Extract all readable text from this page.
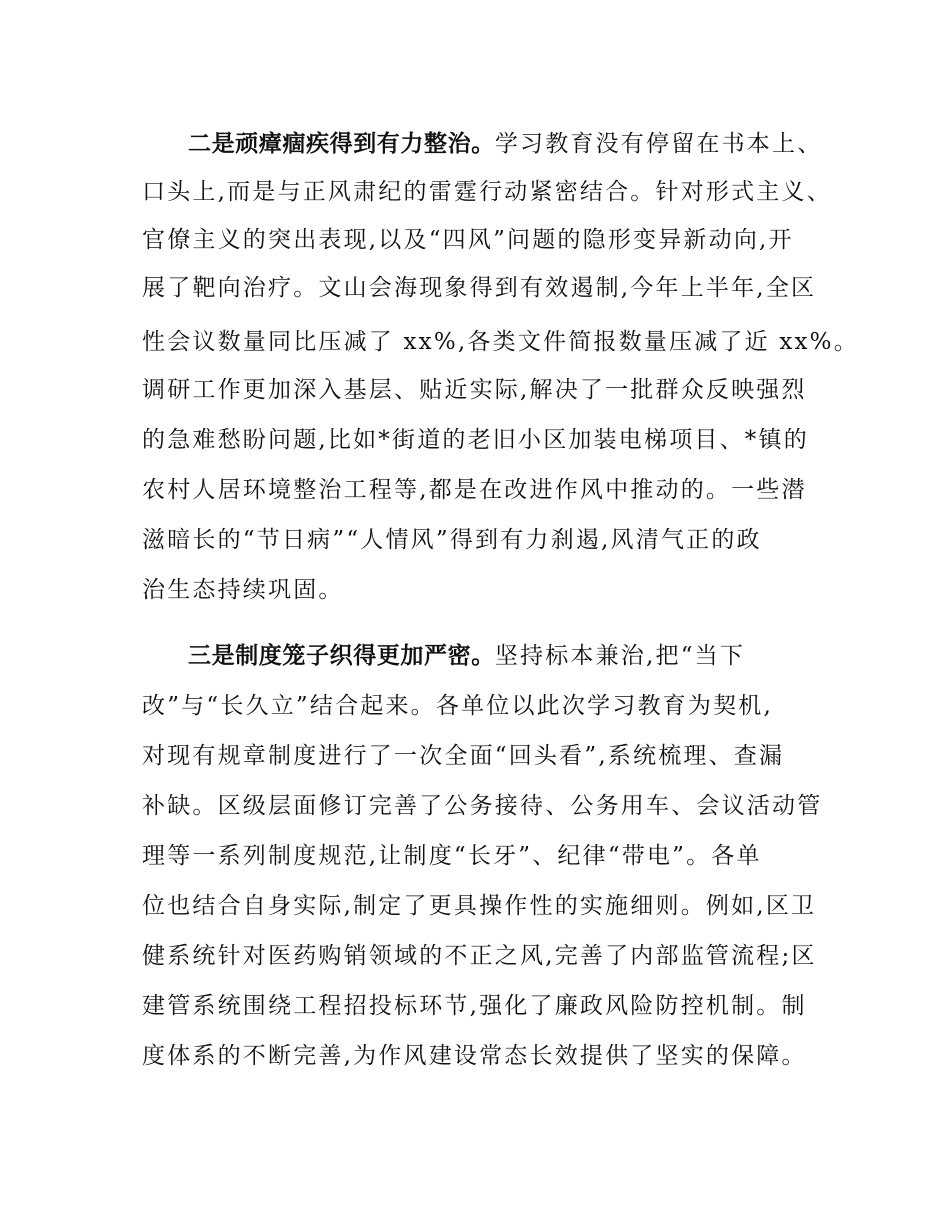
二是顽瘴痼疾得到有力整治。学习教育没有停留在书本上、
口头上,而是与正风肃纪的雷霆行动紧密结合。针对形式主义、
官僚主义的突出表现,以及“四风”问题的隐形变异新动向,开
展了靶向治疗。文山会海现象得到有效遏制,今年上半年,全区
性会议数量同比压减了 xx%,各类文件简报数量压减了近 xx%。
调研工作更加深入基层、贴近实际,解决了一批群众反映强烈
的急难愁盼问题,比如*街道的老旧小区加装电梯项目、*镇的
农村人居环境整治工程等,都是在改进作风中推动的。一些潜
滋暗长的“节日病”“人情风”得到有力刹遏,风清气正的政
治生态持续巩固。
三是制度笼子织得更加严密。坚持标本兼治,把“当下
改”与“长久立”结合起来。各单位以此次学习教育为契机,
对现有规章制度进行了一次全面“回头看”,系统梳理、查漏
补缺。区级层面修订完善了公务接待、公务用车、会议活动管
理等一系列制度规范,让制度“长牙”、纪律“带电”。各单
位也结合自身实际,制定了更具操作性的实施细则。例如,区卫
健系统针对医药购销领域的不正之风,完善了内部监管流程;区
建管系统围绕工程招投标环节,强化了廉政风险防控机制。制
度体系的不断完善,为作风建设常态长效提供了坚实的保障。
